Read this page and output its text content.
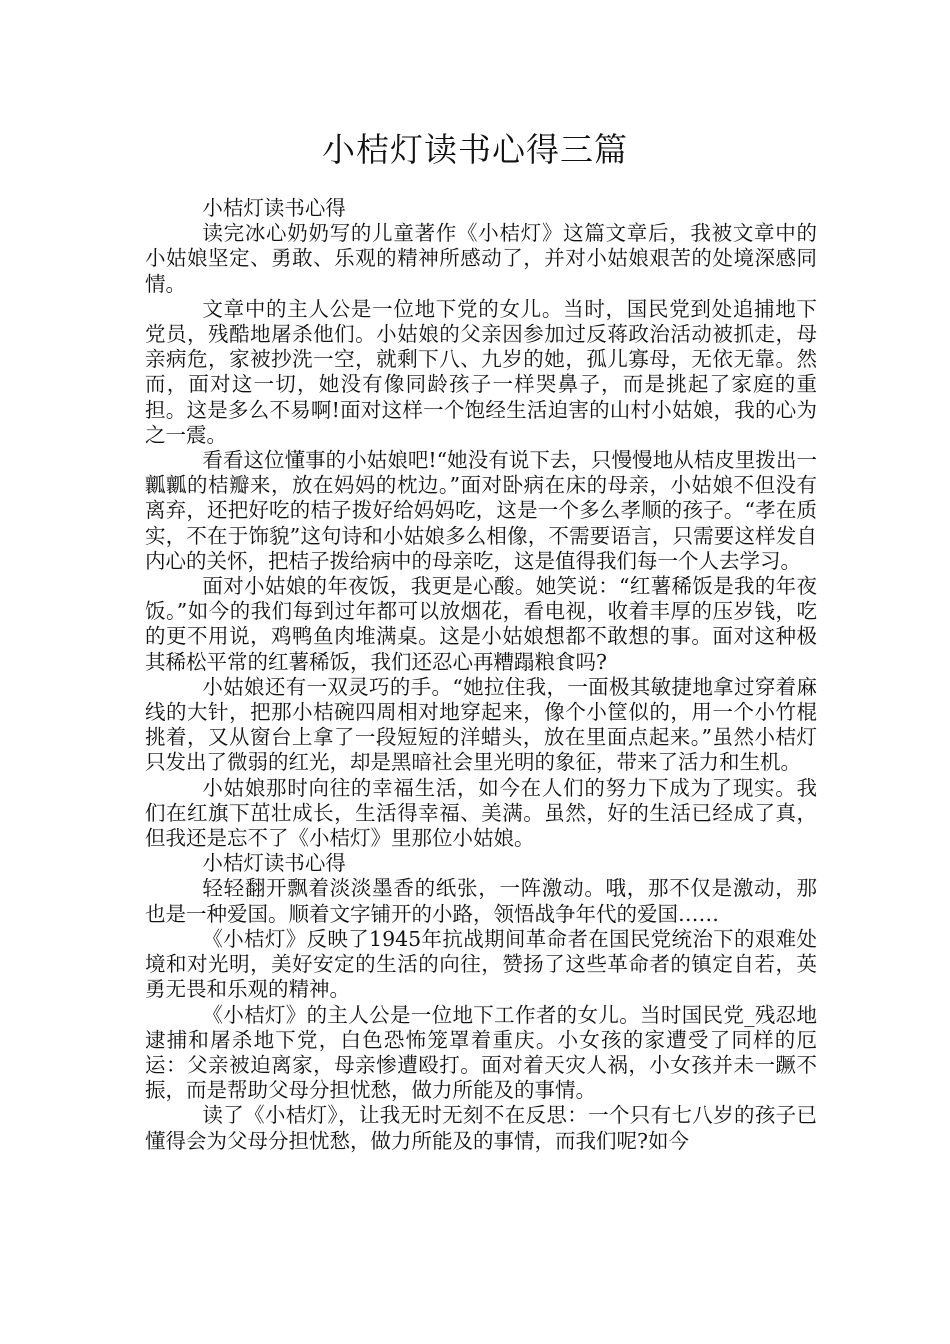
小桔灯读书心得三篇

小桔灯读书心得

读完冰心奶奶写的儿童著作《小桔灯》这篇文章后，我被文章中的小姑娘坚定、勇敢、乐观的精神所感动了，并对小姑娘艰苦的处境深感同情。

文章中的主人公是一位地下党的女儿。当时，国民党到处追捕地下党员，残酷地屠杀他们。小姑娘的父亲因参加过反蒋政治活动被抓走，母亲病危，家被抄洗一空，就剩下八、九岁的她，孤儿寡母，无依无靠。然而，面对这一切，她没有像同龄孩子一样哭鼻子，而是挑起了家庭的重担。这是多么不易啊!面对这样一个饱经生活迫害的山村小姑娘，我的心为之一震。

看看这位懂事的小姑娘吧!“她没有说下去，只慢慢地从桔皮里拨出一瓤瓤的桔瓣来，放在妈妈的枕边。”面对卧病在床的母亲，小姑娘不但没有离弃，还把好吃的桔子拨好给妈妈吃，这是一个多么孝顺的孩子。“孝在质实，不在于饰貌”这句诗和小姑娘多么相像，不需要语言，只需要这样发自内心的关怀，把桔子拨给病中的母亲吃，这是值得我们每一个人去学习。

面对小姑娘的年夜饭，我更是心酸。她笑说：“红薯稀饭是我的年夜饭。”如今的我们每到过年都可以放烟花，看电视，收着丰厚的压岁钱，吃的更不用说，鸡鸭鱼肉堆满桌。这是小姑娘想都不敢想的事。面对这种极其稀松平常的红薯稀饭，我们还忍心再糟蹋粮食吗?

小姑娘还有一双灵巧的手。“她拉住我，一面极其敏捷地拿过穿着麻线的大针，把那小桔碗四周相对地穿起来，像个小筐似的，用一个小竹棍挑着，又从窗台上拿了一段短短的洋蜡头，放在里面点起来。”虽然小桔灯只发出了微弱的红光，却是黑暗社会里光明的象征，带来了活力和生机。

小姑娘那时向往的幸福生活，如今在人们的努力下成为了现实。我们在红旗下茁壮成长，生活得幸福、美满。虽然，好的生活已经成了真，但我还是忘不了《小桔灯》里那位小姑娘。

小桔灯读书心得

轻轻翻开飘着淡淡墨香的纸张，一阵激动。哦，那不仅是激动，那也是一种爱国。顺着文字铺开的小路，领悟战争年代的爱国……

《小桔灯》反映了1945年抗战期间革命者在国民党统治下的艰难处境和对光明，美好安定的生活的向往，赞扬了这些革命者的镇定自若，英勇无畏和乐观的精神。

《小桔灯》的主人公是一位地下工作者的女儿。当时国民党_残忍地逮捕和屠杀地下党，白色恐怖笼罩着重庆。小女孩的家遭受了同样的厄运：父亲被迫离家，母亲惨遭殴打。面对着天灾人祸，小女孩并未一蹶不振，而是帮助父母分担忧愁，做力所能及的事情。

读了《小桔灯》，让我无时无刻不在反思：一个只有七八岁的孩子已懂得会为父母分担忧愁，做力所能及的事情，而我们呢?如今
